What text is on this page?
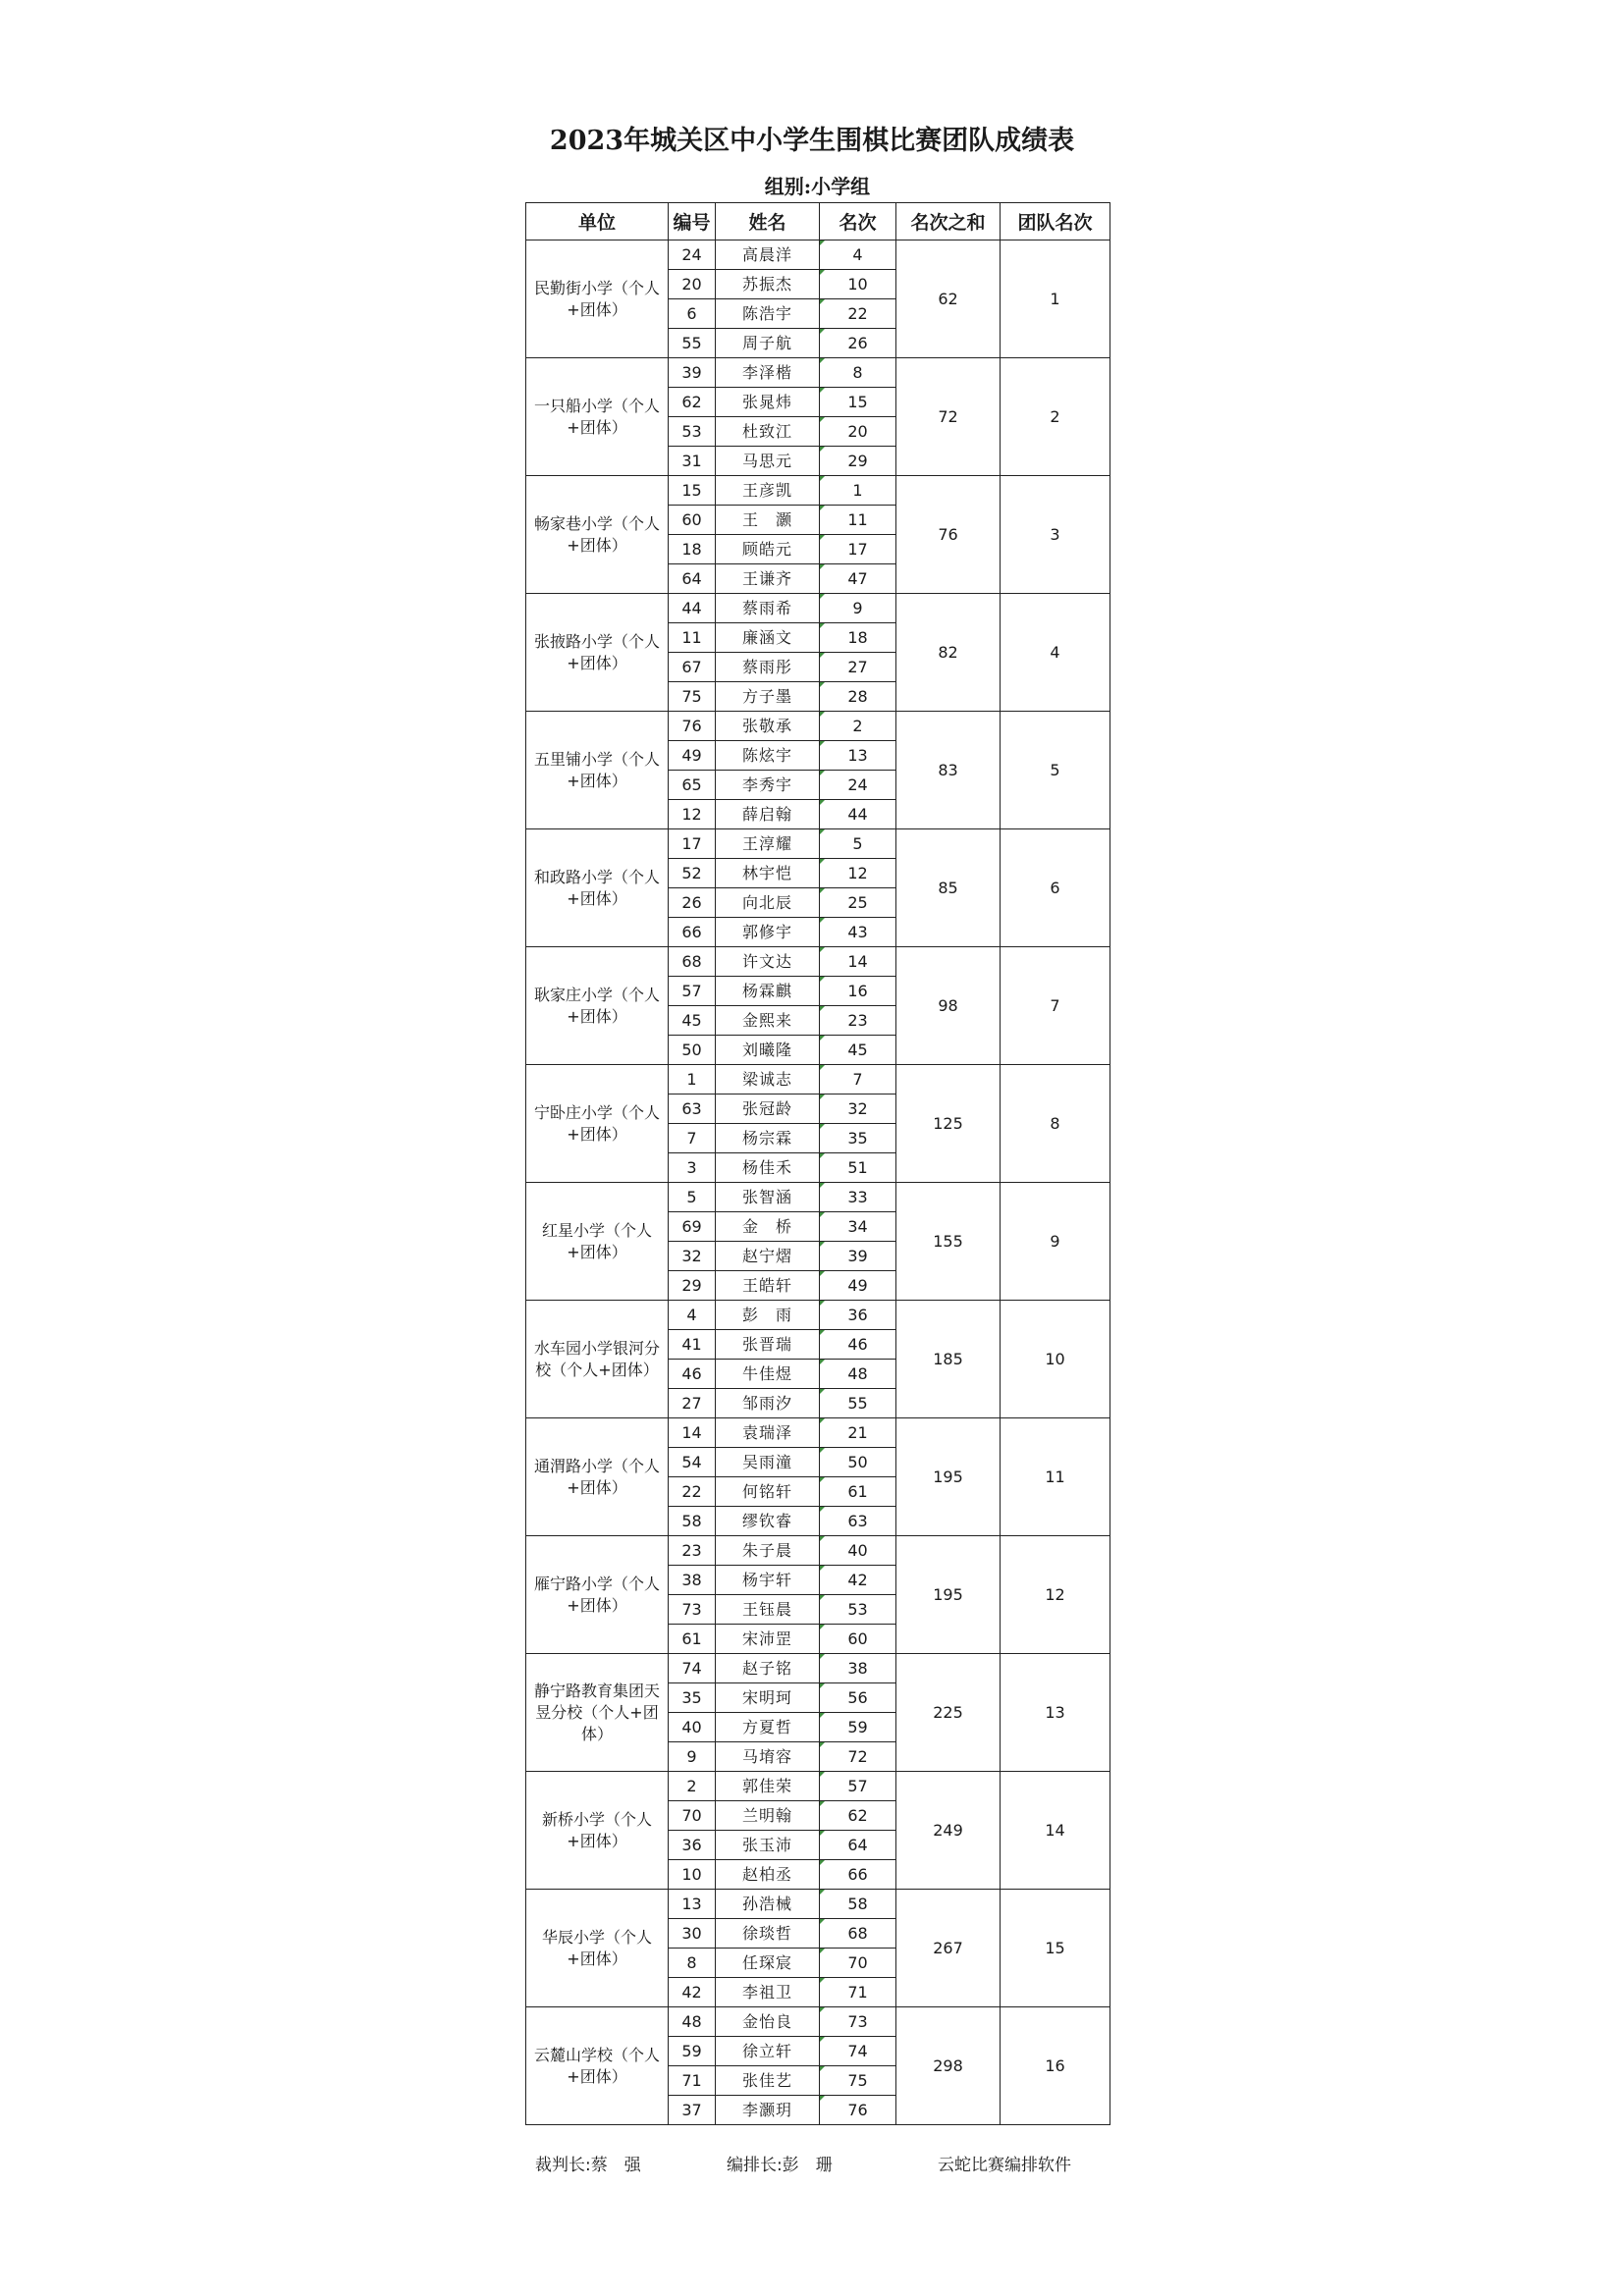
2023年城关区中小学生围棋比赛团队成绩表
组别:小学组
单位	编号	姓名	名次	名次之和	团队名次
民勤街小学（个人+团体）	24	高晨洋	4	62	1
	20	苏振杰	10		
	6	陈浩宇	22		
	55	周子航	26		
一只船小学（个人+团体）	39	李泽楷	8	72	2
	62	张晁炜	15		
	53	杜致江	20		
	31	马思元	29		
畅家巷小学（个人+团体）	15	王彦凯	1	76	3
	60	王　灏	11		
	18	顾皓元	17		
	64	王谦齐	47		
张掖路小学（个人+团体）	44	蔡雨希	9	82	4
	11	廉涵文	18		
	67	蔡雨彤	27		
	75	方子墨	28		
五里铺小学（个人+团体）	76	张敬承	2	83	5
	49	陈炫宇	13		
	65	李秀宇	24		
	12	薛启翰	44		
和政路小学（个人+团体）	17	王淳耀	5	85	6
	52	林宇恺	12		
	26	向北辰	25		
	66	郭修宇	43		
耿家庄小学（个人+团体）	68	许文达	14	98	7
	57	杨霖麒	16		
	45	金熙来	23		
	50	刘曦隆	45		
宁卧庄小学（个人+团体）	1	梁诚志	7	125	8
	63	张冠龄	32		
	7	杨宗霖	35		
	3	杨佳禾	51		
红星小学（个人+团体）	5	张智涵	33	155	9
	69	金　桥	34		
	32	赵宁熠	39		
	29	王皓轩	49		
水车园小学银河分校（个人+团体）	4	彭　雨	36	185	10
	41	张晋瑞	46		
	46	牛佳煜	48		
	27	邹雨汐	55		
通渭路小学（个人+团体）	14	袁瑞泽	21	195	11
	54	吴雨潼	50		
	22	何铭轩	61		
	58	缪钦睿	63		
雁宁路小学（个人+团体）	23	朱子晨	40	195	12
	38	杨宇轩	42		
	73	王钰晨	53		
	61	宋沛罡	60		
静宁路教育集团天昱分校（个人+团体）	74	赵子铭	38	225	13
	35	宋明珂	56		
	40	方夏哲	59		
	9	马堉容	72		
新桥小学（个人+团体）	2	郭佳荣	57	249	14
	70	兰明翰	62		
	36	张玉沛	64		
	10	赵柏丞	66		
华辰小学（个人+团体）	13	孙浩械	58	267	15
	30	徐琰哲	68		
	8	任琛宸	70		
	42	李祖卫	71		
云麓山学校（个人+团体）	48	金怡良	73	298	16
	59	徐立轩	74		
	71	张佳艺	75		
	37	李灏玥	76		
裁判长:蔡　强	编排长:彭　珊	云蛇比赛编排软件
